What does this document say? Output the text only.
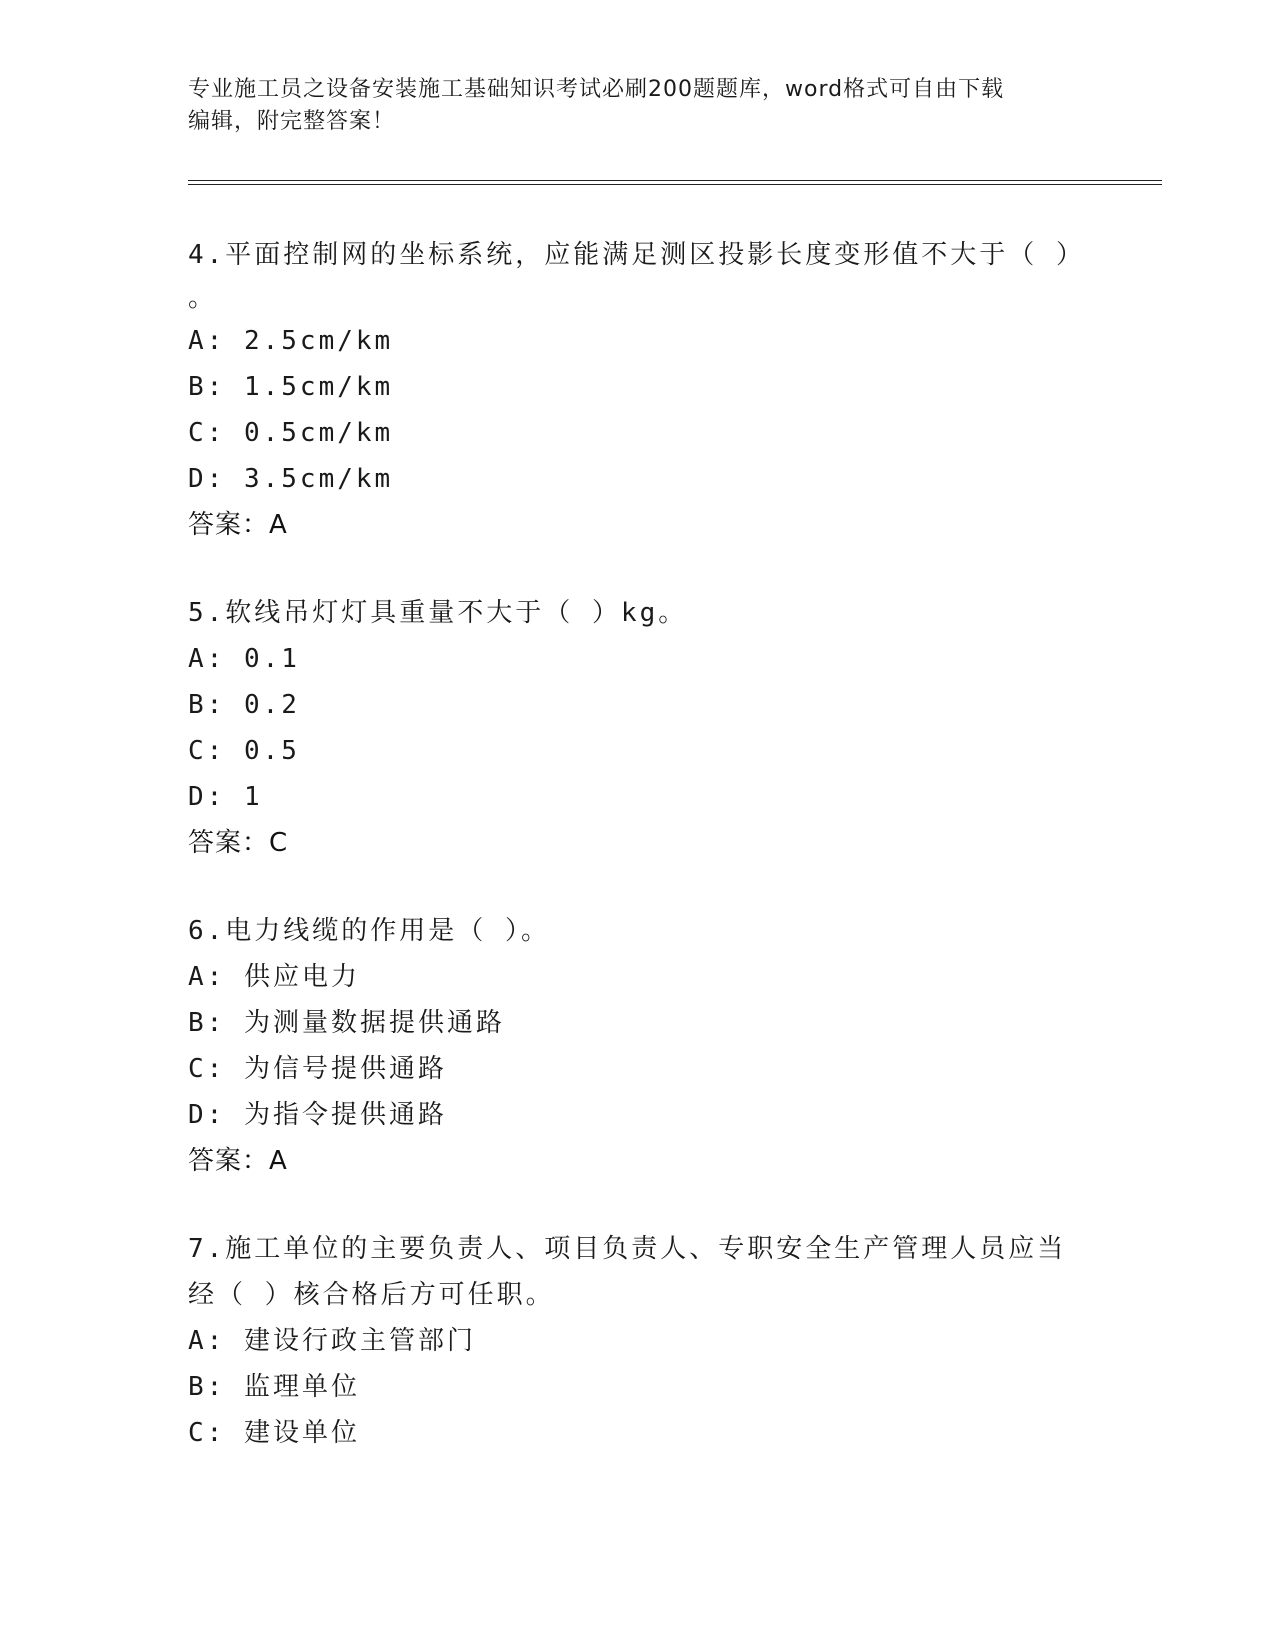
专业施工员之设备安装施工基础知识考试必刷200题题库，word格式可自由下载
编辑，附完整答案！
4.平面控制网的坐标系统，应能满足测区投影长度变形值不大于（ ）
。
A: 2.5cm/km
B: 1.5cm/km
C: 0.5cm/km
D: 3.5cm/km
答案：A
5.软线吊灯灯具重量不大于（ ）kg。
A: 0.1
B: 0.2
C: 0.5
D: 1
答案：C
6.电力线缆的作用是（ ）。
A: 供应电力
B: 为测量数据提供通路
C: 为信号提供通路
D: 为指令提供通路
答案：A
7.施工单位的主要负责人、项目负责人、专职安全生产管理人员应当
经（ ）核合格后方可任职。
A: 建设行政主管部门
B: 监理单位
C: 建设单位
